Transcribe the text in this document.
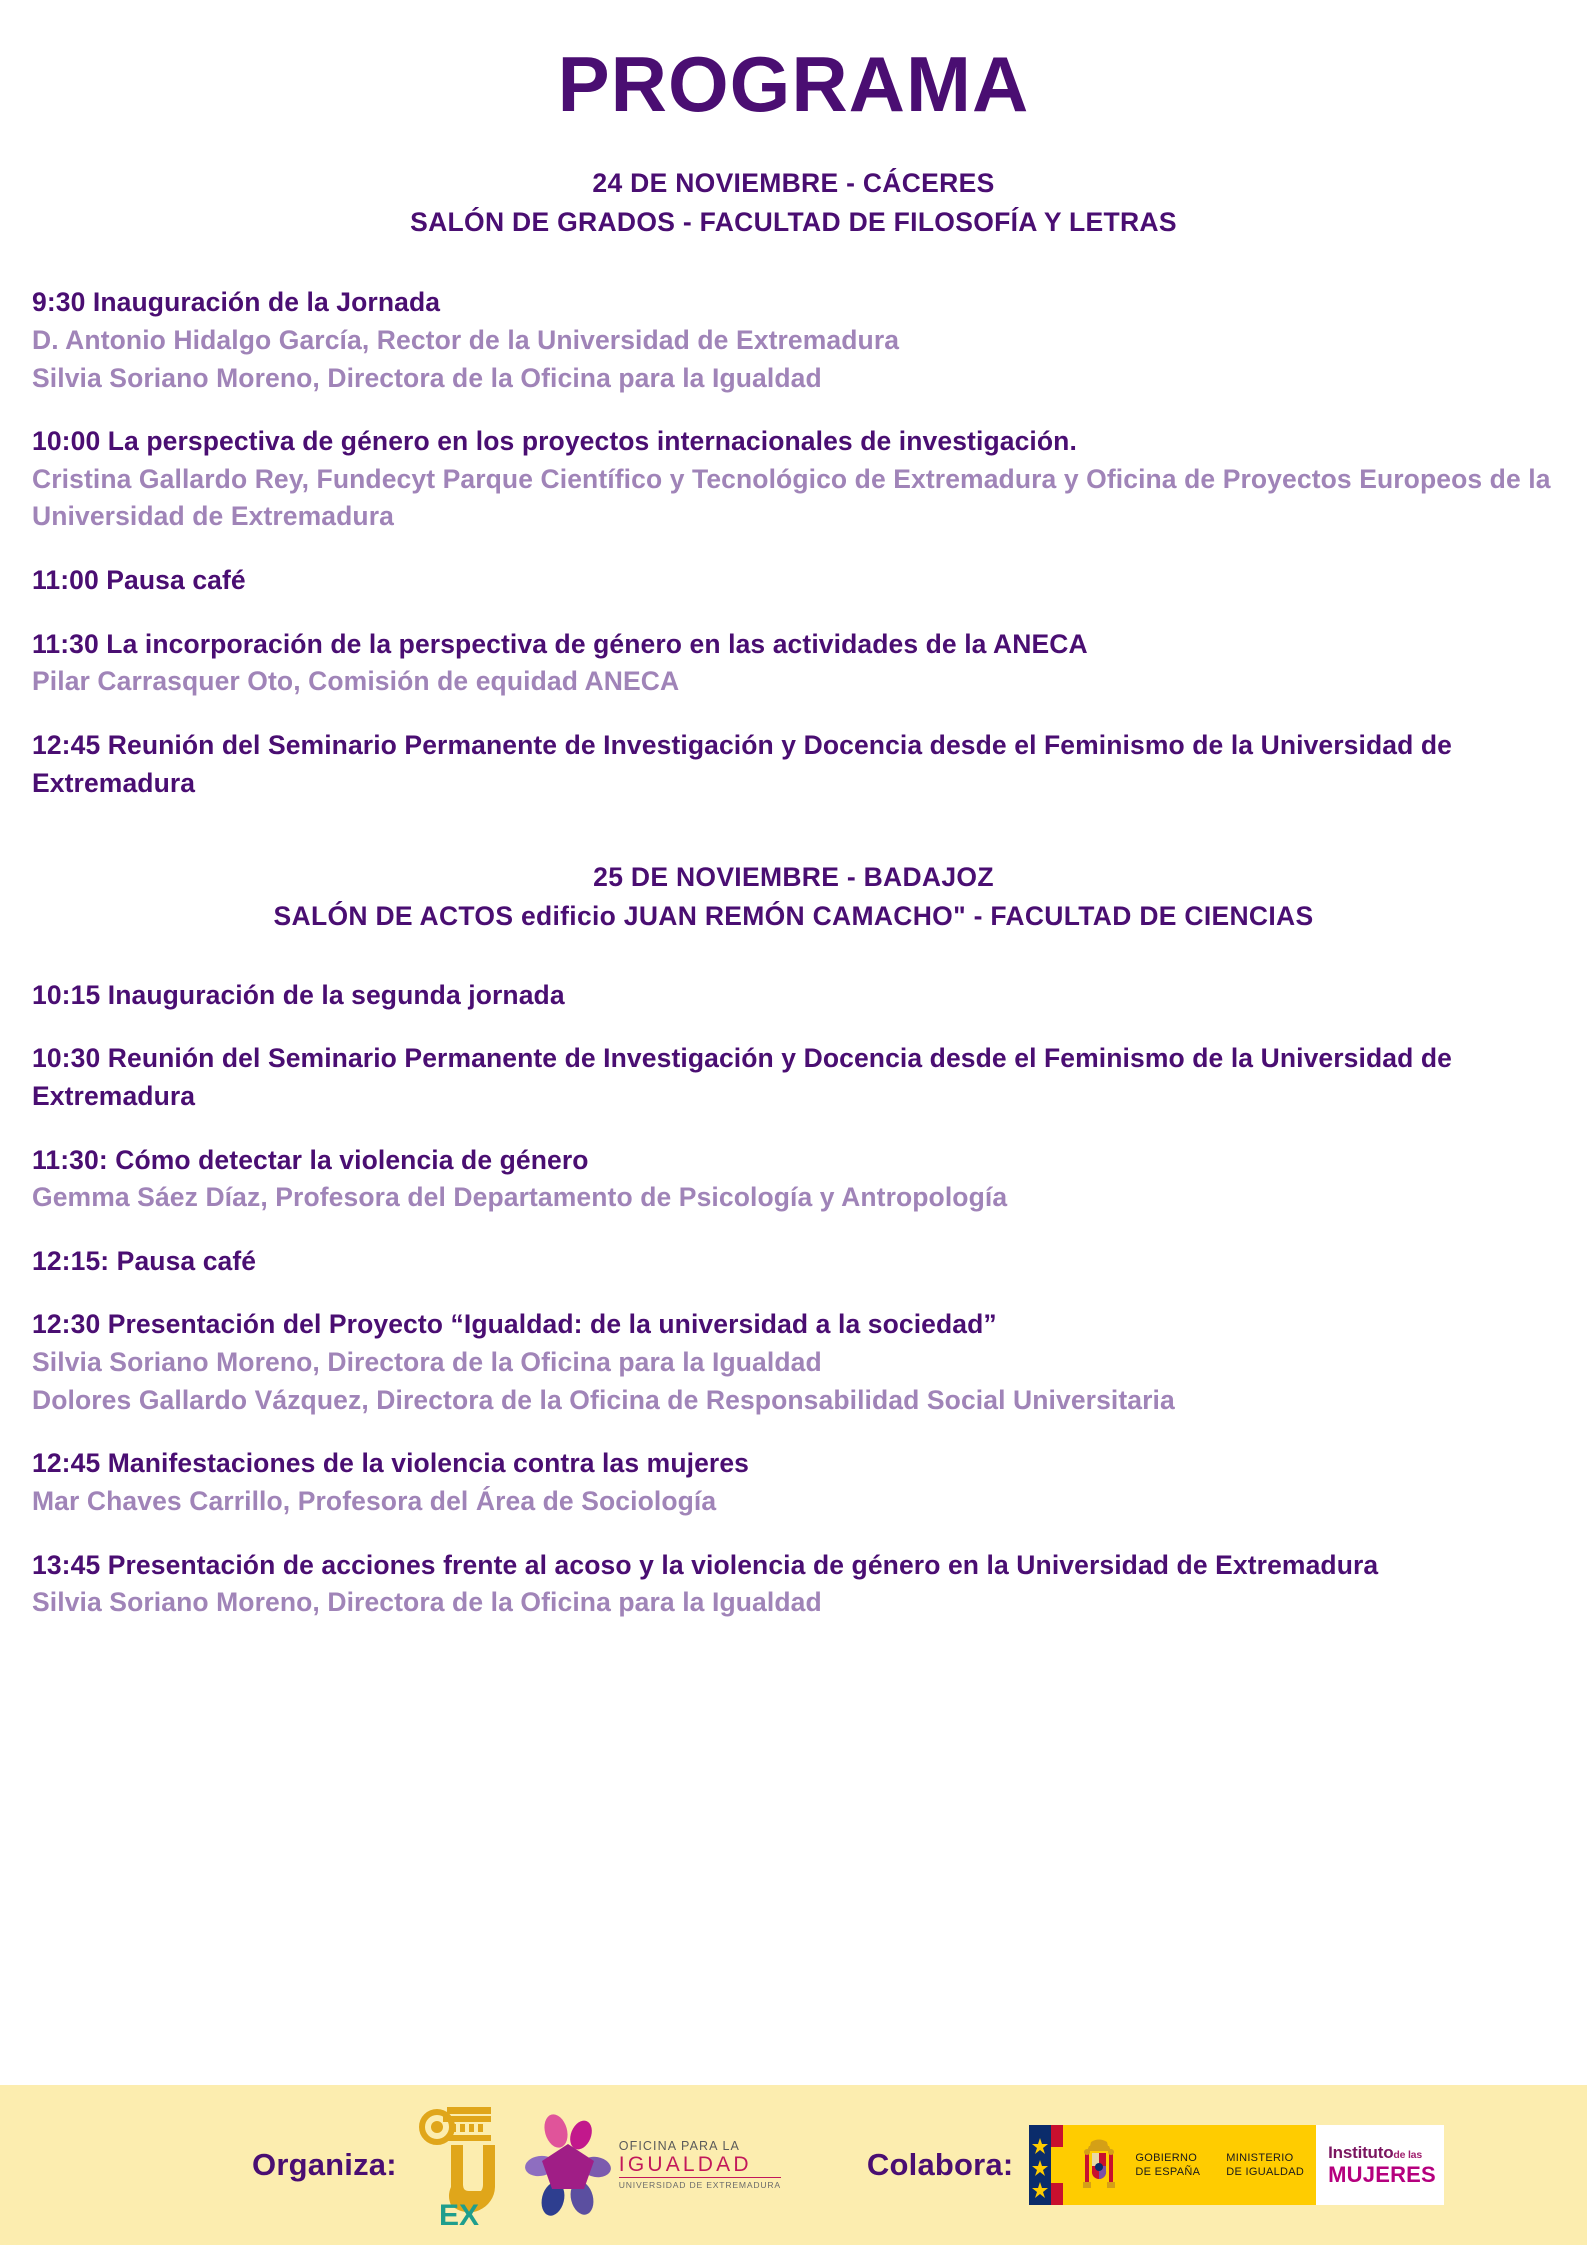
PROGRAMA
24 DE NOVIEMBRE - CÁCERES
SALÓN DE GRADOS - FACULTAD DE FILOSOFÍA Y LETRAS

9:30 Inauguración de la Jornada

D. Antonio Hidalgo García, Rector de la Universidad de Extremadura

Silvia Soriano Moreno, Directora de la Oficina para la Igualdad

10:00 La perspectiva de género en los proyectos internacionales de investigación.

Cristina Gallardo Rey, Fundecyt Parque Científico y Tecnológico de Extremadura y Oficina de Proyectos Europeos de la Universidad de Extremadura

11:00 Pausa café

11:30 La incorporación de la perspectiva de género en las actividades de la ANECA

Pilar Carrasquer Oto, Comisión de equidad ANECA

12:45 Reunión del Seminario Permanente de Investigación y Docencia desde el Feminismo de la Universidad de Extremadura

25 DE NOVIEMBRE - BADAJOZ
SALÓN DE ACTOS edificio JUAN REMÓN CAMACHO" - FACULTAD DE CIENCIAS

10:15 Inauguración de la segunda jornada

10:30 Reunión del Seminario Permanente de Investigación y Docencia desde el Feminismo de la Universidad de Extremadura

11:30: Cómo detectar la violencia de género

Gemma Sáez Díaz, Profesora del Departamento de Psicología y Antropología

12:15: Pausa café

12:30 Presentación del Proyecto “Igualdad: de la universidad a la sociedad”

Silvia Soriano Moreno, Directora de la Oficina para la Igualdad

Dolores Gallardo Vázquez, Directora de la Oficina de Responsabilidad Social Universitaria

12:45 Manifestaciones de la violencia contra las mujeres

Mar Chaves Carrillo, Profesora del Área de Sociología

13:45 Presentación de acciones frente al acoso y la violencia de género en la Universidad de Extremadura

Silvia Soriano Moreno, Directora de la Oficina para la Igualdad

Organiza:
EX
OFICINA PARA LA
IGUALDAD
UNIVERSIDAD DE EXTREMADURA
Colabora:	GOBIERNO
DE ESPAÑA
MINISTERIO
DE IGUALDAD
Institutode las
MUJERES
